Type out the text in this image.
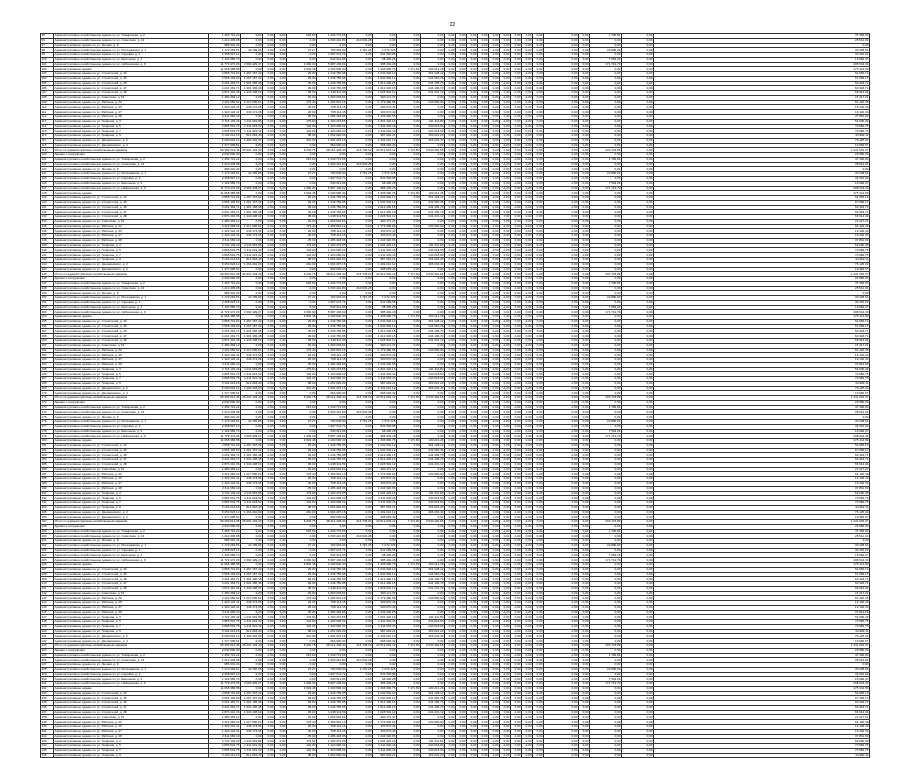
22
95	Административно-хозяйственное здание по ул. Тимирязева, д. 2	1 452 713,22	0,00	0,00	0,00	215,60	1 240 773,65	0,00	0,00	0,00	0,00	0,00	0,00	0,00	0,00	0,00	0,00	0,00	0,00	0,00	0,00	0,00	1 700,84	0,00	47 300,00
96	Административно-хозяйственное здание по ул. Советская, д. 14	1 210 445,08	0,00	0,00	0,00	0,00	1 000 412,80	210 032,28	0,00	0,00	0,00	0,00	0,00	0,00	0,00	0,00	0,00	0,00	0,00	0,00	0,00	0,00	0,00	0,00	28 512,04
97	Административное здание по ул. Лесная, д. 9	986 301,44	0,00	0,00	0,00	0,00	0,00	0,00	0,00	0,00	0,00	0,00	0,00	0,00	0,00	0,00	0,00	0,00	0,00	0,00	0,00	0,00	0,00	0,00	0,00
98	Административно-хозяйственное здание по ул. Молодёжная, д. 1	1 170 293,51	42 700,06	0,00	0,00	27,27	700 000,00	4 716,35	1 072 125	0,00	0,00	0,00	0,00	0,00	0,00	0,00	0,00	0,00	0,00	0,00	0,00	0,00	22 800,00	0,00	30 228,64
99	Административно-хозяйственное здание по ул. Садовая, д. 3	2 468 927,14	0,00	0,00	0,00	0,00	1 907 011,72	0,00	641 600,68	0,00	0,00	0,00	0,00	0,00	0,00	0,00	0,00	0,00	0,00	0,00	0,00	0,00	0,00	0,00	33 401,02
100	Административно-хозяйственное здание по ул. Школьная, д. 4	1 102 556,73	0,00	0,00	0,00	0,00	640 312,05	0,00	98 400,28	0,00	0,00	0,00	0,00	0,00	0,00	0,00	0,00	0,00	0,00	0,00	0,00	0,00	7 503,26	0,00	19 082,47
101	Административно-хозяйственное здание по ул. Набережная, д. 6	11 779 473,06	3 694 329,37	0,00	0,00	1 000,00	5 987 103,92	0,00	385 402,18	0,00	0,00	0,00	0,00	0,00	0,00	0,00	0,00	0,00	0,00	0,00	0,00	0,00	171 719,79	0,00	208 644,33
102	Административное здание	11 068 386,58	0,00	0,00	0,00	3 943,48	4 100 600,40	0,00	1 306 090,75	7 171,80	100 214,28	0,00	0,00	0,00	0,00	0,00	0,00	0,00	0,00	0,00	0,00	0,00	0,00	0,00	175 441,59
103	Административное здание по ул. Строителей, д. 44	4 868 713,03	1 297 157,42	0,00	0,00	29,00	1 449 750,95	0,00	1 040 332,12	0,00	261 128,12	0,00	0,00	0,00	0,00	0,00	0,00	0,00	0,00	0,00	0,00	0,00	0,00	0,00	64 050,13
104	Административное здание по ул. Строителей, д. 45	4 566 103,60	1 297 157,42	0,00	0,00	39,00	1 449 750,95	0,00	1 040 332,12	0,00	242 060,36	0,00	0,00	0,00	0,00	0,00	0,00	0,00	0,00	0,00	0,00	0,00	0,00	0,00	67 096,17
105	Административное здание по ул. Строителей, д. 46	4 201 464,71	1 301 156,48	0,00	0,00	39,00	1 449 750,95	0,00	1 012 400,15	0,00	244 196,70	0,00	0,00	0,00	0,00	0,00	0,00	0,00	0,00	0,00	0,00	0,00	0,00	0,00	60 318,71
106	Административное здание по ул. Строителей, д. 47	4 201 464,71	1 301 156,48	0,00	0,00	39,00	1 449 750,95	0,00	1 012 400,15	0,00	244 196,70	0,00	0,00	0,00	0,00	0,00	0,00	0,00	0,00	0,00	0,00	0,00	0,00	0,00	60 318,71
107	Административное здание по ул. Строителей, д. 48	4 874 416,36	1 340 138,03	0,00	0,00	38,00	1 448 311,59	0,00	1 026 542,12	0,00	241 231,13	0,00	0,00	0,00	0,00	0,00	0,00	0,00	0,00	0,00	0,00	0,00	0,00	0,00	66 914,44
108	Административное здание по ул. Советская, д. 51	1 480 493,12	0,00	0,00	0,00	20,00	1 069 004,54	0,00	390 171,37	0,00	0,00	0,00	0,00	0,00	0,00	0,00	0,00	0,00	0,00	0,00	0,00	0,00	0,00	0,00	21 317,21
109	Административное здание по ул. Рабочая, д. 22	4 421 069,62	1 217 000,61	0,00	0,00	179,40	1 499 510,13	0,00	1 179 396,96	0,00	240 060,90	0,00	0,00	0,00	0,00	0,00	0,00	0,00	0,00	0,00	0,00	0,00	0,00	0,00	64 120,46
110	Административное здание по ул. Рабочая, д. 25	1 320 124,41	249 174,06	0,00	0,00	26,00	708 114,15	0,00	330 670,43	0,00	0,00	0,00	0,00	0,00	0,00	0,00	0,00	0,00	0,00	0,00	0,00	0,00	0,00	0,00	19 140,43
111	Административное здание по ул. Рабочая, д. 27	1 320 124,41	249 174,06	0,00	0,00	26,00	708 114,15	0,00	330 670,43	0,00	0,00	0,00	0,00	0,00	0,00	0,00	0,00	0,00	0,00	0,00	0,00	0,00	0,00	0,00	19 140,43
112	Административное здание по ул. Рабочая, д. 28	2 611 082,10	0,00	0,00	0,00	35,00	1 286 418,96	0,00	1 249 320,65	0,00	0,00	0,00	0,00	0,00	0,00	0,00	0,00	0,00	0,00	0,00	0,00	0,00	0,00	0,00	37 861,69
113	Административное здание по ул. Гагарина, д. 3	3 724 103,43	1 011 092,86	0,00	0,00	179,60	1 100 474,55	0,00	1 001 422,16	0,00	211 311,80	0,00	0,00	0,00	0,00	0,00	0,00	0,00	0,00	0,00	0,00	0,00	0,00	0,00	54 000,49
114	Административное здание по ул. Гагарина, д. 5	4 895 501,75	1 311 022,32	0,00	0,00	142,00	1 420 000,02	0,00	1 311 940,16	0,00	240 018,60	0,00	0,00	0,00	0,00	0,00	0,00	0,00	0,00	0,00	0,00	0,00	0,00	0,00	70 982,75
115	Административное здание по ул. Гагарина, д. 7	4 895 501,75	1 311 022,32	0,00	0,00	142,00	1 420 000,02	0,00	1 311 940,16	0,00	240 018,60	0,00	0,00	0,00	0,00	0,00	0,00	0,00	0,00	0,00	0,00	0,00	0,00	0,00	70 982,75
116	Административное здание по ул. Гагарина, д. 9	3 102 214,15	812 066,40	0,00	0,00	98,00	1 052 020,03	0,00	987 004,21	0,00	153 024,20	0,00	0,00	0,00	0,00	0,00	0,00	0,00	0,00	0,00	0,00	0,00	0,00	0,00	44 982,11
117	Административное здание по ул. Дзержинского, д. 2	5 250 022,12	1 404 404,00	0,00	0,00	201,00	1 904 297,16	0,00	1 402 212,12	0,00	306 204,40	0,00	0,00	0,00	0,00	0,00	0,00	0,00	0,00	0,00	0,00	0,00	0,00	0,00	76 125,32
118	Административное здание по ул. Дзержинского, д. 4	1 377 005,51	0,00	0,00	0,00	0,00	660 000,00	0,00	695 000,40	0,00	0,00	0,00	0,00	0,00	0,00	0,00	0,00	0,00	0,00	0,00	0,00	0,00	0,00	0,00	19 966,57
119	Итого по административно-хозяйственным зданиям	99 453 612,35	26 001 102,40	0,00	0,00	6 204,75	38 214 405,40	214 748,63	22 512 004,12	7 171,80	3 540 402,68	0,00	0,00	0,00	0,00	0,00	0,00	0,00	0,00	0,00	0,00	0,00	203 723,89	0,00	1 441 632,37
120	Здания и сооружения	2 040 000,00	0,00	0,00	0,00	0,00	0,00	0,00	0,00	0,00	0,00	0,00	0,00	0,00	0,00	0,00	0,00	0,00	0,00	0,00	0,00	0,00	0,00	0,00	29 580,00
121	Административно-хозяйственное здание по ул. Тимирязева, д. 2	1 452 713,22	0,00	0,00	0,00	215,60	1 240 773,65	0,00	0,00	0,00	0,00	0,00	0,00	0,00	0,00	0,00	0,00	0,00	0,00	0,00	0,00	0,00	1 700,84	0,00	47 300,00
122	Административно-хозяйственное здание по ул. Советская, д. 14	1 210 445,08	0,00	0,00	0,00	0,00	1 000 412,80	210 032,28	0,00	0,00	0,00	0,00	0,00	0,00	0,00	0,00	0,00	0,00	0,00	0,00	0,00	0,00	0,00	0,00	28 512,04
123	Административное здание по ул. Лесная, д. 9	986 301,44	0,00	0,00	0,00	0,00	0,00	0,00	0,00	0,00	0,00	0,00	0,00	0,00	0,00	0,00	0,00	0,00	0,00	0,00	0,00	0,00	0,00	0,00	0,00
124	Административно-хозяйственное здание по ул. Молодёжная, д. 1	1 170 293,51	42 700,06	0,00	0,00	27,27	700 000,00	4 716,35	1 072 125	0,00	0,00	0,00	0,00	0,00	0,00	0,00	0,00	0,00	0,00	0,00	0,00	0,00	22 800,00	0,00	30 228,64
125	Административно-хозяйственное здание по ул. Садовая, д. 3	2 468 927,14	0,00	0,00	0,00	0,00	1 907 011,72	0,00	641 600,68	0,00	0,00	0,00	0,00	0,00	0,00	0,00	0,00	0,00	0,00	0,00	0,00	0,00	0,00	0,00	33 401,02
126	Административно-хозяйственное здание по ул. Школьная, д. 4	1 102 556,73	0,00	0,00	0,00	0,00	640 312,05	0,00	98 400,28	0,00	0,00	0,00	0,00	0,00	0,00	0,00	0,00	0,00	0,00	0,00	0,00	0,00	7 503,26	0,00	19 082,47
127	Административно-хозяйственное здание по ул. Набережная, д. 6	11 779 473,06	3 694 329,37	0,00	0,00	1 000,00	5 987 103,92	0,00	385 402,18	0,00	0,00	0,00	0,00	0,00	0,00	0,00	0,00	0,00	0,00	0,00	0,00	0,00	171 719,79	0,00	208 644,33
128	Административное здание	11 068 386,58	0,00	0,00	0,00	3 943,48	4 100 600,40	0,00	1 306 090,75	7 171,80	100 214,28	0,00	0,00	0,00	0,00	0,00	0,00	0,00	0,00	0,00	0,00	0,00	0,00	0,00	175 441,59
129	Административное здание по ул. Строителей, д. 44	4 868 713,03	1 297 157,42	0,00	0,00	29,00	1 449 750,95	0,00	1 040 332,12	0,00	261 128,12	0,00	0,00	0,00	0,00	0,00	0,00	0,00	0,00	0,00	0,00	0,00	0,00	0,00	64 050,13
130	Административное здание по ул. Строителей, д. 45	4 566 103,60	1 297 157,42	0,00	0,00	39,00	1 449 750,95	0,00	1 040 332,12	0,00	242 060,36	0,00	0,00	0,00	0,00	0,00	0,00	0,00	0,00	0,00	0,00	0,00	0,00	0,00	67 096,17
131	Административное здание по ул. Строителей, д. 46	4 201 464,71	1 301 156,48	0,00	0,00	39,00	1 449 750,95	0,00	1 012 400,15	0,00	244 196,70	0,00	0,00	0,00	0,00	0,00	0,00	0,00	0,00	0,00	0,00	0,00	0,00	0,00	60 318,71
132	Административное здание по ул. Строителей, д. 47	4 201 464,71	1 301 156,48	0,00	0,00	39,00	1 449 750,95	0,00	1 012 400,15	0,00	244 196,70	0,00	0,00	0,00	0,00	0,00	0,00	0,00	0,00	0,00	0,00	0,00	0,00	0,00	60 318,71
133	Административное здание по ул. Строителей, д. 48	4 874 416,36	1 340 138,03	0,00	0,00	38,00	1 448 311,59	0,00	1 026 542,12	0,00	241 231,13	0,00	0,00	0,00	0,00	0,00	0,00	0,00	0,00	0,00	0,00	0,00	0,00	0,00	66 914,44
134	Административное здание по ул. Советская, д. 51	1 480 493,12	0,00	0,00	0,00	20,00	1 069 004,54	0,00	390 171,37	0,00	0,00	0,00	0,00	0,00	0,00	0,00	0,00	0,00	0,00	0,00	0,00	0,00	0,00	0,00	21 317,21
135	Административное здание по ул. Рабочая, д. 22	4 421 069,62	1 217 000,61	0,00	0,00	179,40	1 499 510,13	0,00	1 179 396,96	0,00	240 060,90	0,00	0,00	0,00	0,00	0,00	0,00	0,00	0,00	0,00	0,00	0,00	0,00	0,00	64 120,46
136	Административное здание по ул. Рабочая, д. 25	1 320 124,41	249 174,06	0,00	0,00	26,00	708 114,15	0,00	330 670,43	0,00	0,00	0,00	0,00	0,00	0,00	0,00	0,00	0,00	0,00	0,00	0,00	0,00	0,00	0,00	19 140,43
137	Административное здание по ул. Рабочая, д. 27	1 320 124,41	249 174,06	0,00	0,00	26,00	708 114,15	0,00	330 670,43	0,00	0,00	0,00	0,00	0,00	0,00	0,00	0,00	0,00	0,00	0,00	0,00	0,00	0,00	0,00	19 140,43
138	Административное здание по ул. Рабочая, д. 28	2 611 082,10	0,00	0,00	0,00	35,00	1 286 418,96	0,00	1 249 320,65	0,00	0,00	0,00	0,00	0,00	0,00	0,00	0,00	0,00	0,00	0,00	0,00	0,00	0,00	0,00	37 861,69
139	Административное здание по ул. Гагарина, д. 3	3 724 103,43	1 011 092,86	0,00	0,00	179,60	1 100 474,55	0,00	1 001 422,16	0,00	211 311,80	0,00	0,00	0,00	0,00	0,00	0,00	0,00	0,00	0,00	0,00	0,00	0,00	0,00	54 000,49
140	Административное здание по ул. Гагарина, д. 5	4 895 501,75	1 311 022,32	0,00	0,00	142,00	1 420 000,02	0,00	1 311 940,16	0,00	240 018,60	0,00	0,00	0,00	0,00	0,00	0,00	0,00	0,00	0,00	0,00	0,00	0,00	0,00	70 982,75
141	Административное здание по ул. Гагарина, д. 7	4 895 501,75	1 311 022,32	0,00	0,00	142,00	1 420 000,02	0,00	1 311 940,16	0,00	240 018,60	0,00	0,00	0,00	0,00	0,00	0,00	0,00	0,00	0,00	0,00	0,00	0,00	0,00	70 982,75
142	Административное здание по ул. Гагарина, д. 9	3 102 214,15	812 066,40	0,00	0,00	98,00	1 052 020,03	0,00	987 004,21	0,00	153 024,20	0,00	0,00	0,00	0,00	0,00	0,00	0,00	0,00	0,00	0,00	0,00	0,00	0,00	44 982,11
143	Административное здание по ул. Дзержинского, д. 2	5 250 022,12	1 404 404,00	0,00	0,00	201,00	1 904 297,16	0,00	1 402 212,12	0,00	306 204,40	0,00	0,00	0,00	0,00	0,00	0,00	0,00	0,00	0,00	0,00	0,00	0,00	0,00	76 125,32
144	Административное здание по ул. Дзержинского, д. 4	1 377 005,51	0,00	0,00	0,00	0,00	660 000,00	0,00	695 000,40	0,00	0,00	0,00	0,00	0,00	0,00	0,00	0,00	0,00	0,00	0,00	0,00	0,00	0,00	0,00	19 966,57
145	Итого по административно-хозяйственным зданиям	99 453 612,35	26 001 102,40	0,00	0,00	6 204,75	38 214 405,40	214 748,63	22 512 004,12	7 171,80	3 540 402,68	0,00	0,00	0,00	0,00	0,00	0,00	0,00	0,00	0,00	0,00	0,00	203 723,89	0,00	1 441 632,37
146	Здания и сооружения	2 040 000,00	0,00	0,00	0,00	0,00	0,00	0,00	0,00	0,00	0,00	0,00	0,00	0,00	0,00	0,00	0,00	0,00	0,00	0,00	0,00	0,00	0,00	0,00	29 580,00
147	Административно-хозяйственное здание по ул. Тимирязева, д. 2	1 452 713,22	0,00	0,00	0,00	215,60	1 240 773,65	0,00	0,00	0,00	0,00	0,00	0,00	0,00	0,00	0,00	0,00	0,00	0,00	0,00	0,00	0,00	1 700,84	0,00	47 300,00
148	Административно-хозяйственное здание по ул. Советская, д. 14	1 210 445,08	0,00	0,00	0,00	0,00	1 000 412,80	210 032,28	0,00	0,00	0,00	0,00	0,00	0,00	0,00	0,00	0,00	0,00	0,00	0,00	0,00	0,00	0,00	0,00	28 512,04
149	Административное здание по ул. Лесная, д. 9	986 301,44	0,00	0,00	0,00	0,00	0,00	0,00	0,00	0,00	0,00	0,00	0,00	0,00	0,00	0,00	0,00	0,00	0,00	0,00	0,00	0,00	0,00	0,00	0,00
150	Административно-хозяйственное здание по ул. Молодёжная, д. 1	1 170 293,51	42 700,06	0,00	0,00	27,27	700 000,00	4 716,35	1 072 125	0,00	0,00	0,00	0,00	0,00	0,00	0,00	0,00	0,00	0,00	0,00	0,00	0,00	22 800,00	0,00	30 228,64
151	Административно-хозяйственное здание по ул. Садовая, д. 3	2 468 927,14	0,00	0,00	0,00	0,00	1 907 011,72	0,00	641 600,68	0,00	0,00	0,00	0,00	0,00	0,00	0,00	0,00	0,00	0,00	0,00	0,00	0,00	0,00	0,00	33 401,02
152	Административно-хозяйственное здание по ул. Школьная, д. 4	1 102 556,73	0,00	0,00	0,00	0,00	640 312,05	0,00	98 400,28	0,00	0,00	0,00	0,00	0,00	0,00	0,00	0,00	0,00	0,00	0,00	0,00	0,00	7 503,26	0,00	19 082,47
153	Административно-хозяйственное здание по ул. Набережная, д. 6	11 779 473,06	3 694 329,37	0,00	0,00	1 000,00	5 987 103,92	0,00	385 402,18	0,00	0,00	0,00	0,00	0,00	0,00	0,00	0,00	0,00	0,00	0,00	0,00	0,00	171 719,79	0,00	208 644,33
154	Административное здание	11 068 386,58	0,00	0,00	0,00	3 943,48	4 100 600,40	0,00	1 306 090,75	7 171,80	100 214,28	0,00	0,00	0,00	0,00	0,00	0,00	0,00	0,00	0,00	0,00	0,00	0,00	0,00	175 441,59
155	Административное здание по ул. Строителей, д. 44	4 868 713,03	1 297 157,42	0,00	0,00	29,00	1 449 750,95	0,00	1 040 332,12	0,00	261 128,12	0,00	0,00	0,00	0,00	0,00	0,00	0,00	0,00	0,00	0,00	0,00	0,00	0,00	64 050,13
156	Административное здание по ул. Строителей, д. 45	4 566 103,60	1 297 157,42	0,00	0,00	39,00	1 449 750,95	0,00	1 040 332,12	0,00	242 060,36	0,00	0,00	0,00	0,00	0,00	0,00	0,00	0,00	0,00	0,00	0,00	0,00	0,00	67 096,17
157	Административное здание по ул. Строителей, д. 46	4 201 464,71	1 301 156,48	0,00	0,00	39,00	1 449 750,95	0,00	1 012 400,15	0,00	244 196,70	0,00	0,00	0,00	0,00	0,00	0,00	0,00	0,00	0,00	0,00	0,00	0,00	0,00	60 318,71
158	Административное здание по ул. Строителей, д. 47	4 201 464,71	1 301 156,48	0,00	0,00	39,00	1 449 750,95	0,00	1 012 400,15	0,00	244 196,70	0,00	0,00	0,00	0,00	0,00	0,00	0,00	0,00	0,00	0,00	0,00	0,00	0,00	60 318,71
159	Административное здание по ул. Строителей, д. 48	4 874 416,36	1 340 138,03	0,00	0,00	38,00	1 448 311,59	0,00	1 026 542,12	0,00	241 231,13	0,00	0,00	0,00	0,00	0,00	0,00	0,00	0,00	0,00	0,00	0,00	0,00	0,00	66 914,44
160	Административное здание по ул. Советская, д. 51	1 480 493,12	0,00	0,00	0,00	20,00	1 069 004,54	0,00	390 171,37	0,00	0,00	0,00	0,00	0,00	0,00	0,00	0,00	0,00	0,00	0,00	0,00	0,00	0,00	0,00	21 317,21
161	Административное здание по ул. Рабочая, д. 22	4 421 069,62	1 217 000,61	0,00	0,00	179,40	1 499 510,13	0,00	1 179 396,96	0,00	240 060,90	0,00	0,00	0,00	0,00	0,00	0,00	0,00	0,00	0,00	0,00	0,00	0,00	0,00	64 120,46
162	Административное здание по ул. Рабочая, д. 25	1 320 124,41	249 174,06	0,00	0,00	26,00	708 114,15	0,00	330 670,43	0,00	0,00	0,00	0,00	0,00	0,00	0,00	0,00	0,00	0,00	0,00	0,00	0,00	0,00	0,00	19 140,43
163	Административное здание по ул. Рабочая, д. 27	1 320 124,41	249 174,06	0,00	0,00	26,00	708 114,15	0,00	330 670,43	0,00	0,00	0,00	0,00	0,00	0,00	0,00	0,00	0,00	0,00	0,00	0,00	0,00	0,00	0,00	19 140,43
164	Административное здание по ул. Рабочая, д. 28	2 611 082,10	0,00	0,00	0,00	35,00	1 286 418,96	0,00	1 249 320,65	0,00	0,00	0,00	0,00	0,00	0,00	0,00	0,00	0,00	0,00	0,00	0,00	0,00	0,00	0,00	37 861,69
165	Административное здание по ул. Гагарина, д. 3	3 724 103,43	1 011 092,86	0,00	0,00	179,60	1 100 474,55	0,00	1 001 422,16	0,00	211 311,80	0,00	0,00	0,00	0,00	0,00	0,00	0,00	0,00	0,00	0,00	0,00	0,00	0,00	54 000,49
166	Административное здание по ул. Гагарина, д. 5	4 895 501,75	1 311 022,32	0,00	0,00	142,00	1 420 000,02	0,00	1 311 940,16	0,00	240 018,60	0,00	0,00	0,00	0,00	0,00	0,00	0,00	0,00	0,00	0,00	0,00	0,00	0,00	70 982,75
167	Административное здание по ул. Гагарина, д. 7	4 895 501,75	1 311 022,32	0,00	0,00	142,00	1 420 000,02	0,00	1 311 940,16	0,00	240 018,60	0,00	0,00	0,00	0,00	0,00	0,00	0,00	0,00	0,00	0,00	0,00	0,00	0,00	70 982,75
168	Административное здание по ул. Гагарина, д. 9	3 102 214,15	812 066,40	0,00	0,00	98,00	1 052 020,03	0,00	987 004,21	0,00	153 024,20	0,00	0,00	0,00	0,00	0,00	0,00	0,00	0,00	0,00	0,00	0,00	0,00	0,00	44 982,11
169	Административное здание по ул. Дзержинского, д. 2	5 250 022,12	1 404 404,00	0,00	0,00	201,00	1 904 297,16	0,00	1 402 212,12	0,00	306 204,40	0,00	0,00	0,00	0,00	0,00	0,00	0,00	0,00	0,00	0,00	0,00	0,00	0,00	76 125,32
170	Административное здание по ул. Дзержинского, д. 4	1 377 005,51	0,00	0,00	0,00	0,00	660 000,00	0,00	695 000,40	0,00	0,00	0,00	0,00	0,00	0,00	0,00	0,00	0,00	0,00	0,00	0,00	0,00	0,00	0,00	19 966,57
171	Итого по административно-хозяйственным зданиям	99 453 612,35	26 001 102,40	0,00	0,00	6 204,75	38 214 405,40	214 748,63	22 512 004,12	7 171,80	3 540 402,68	0,00	0,00	0,00	0,00	0,00	0,00	0,00	0,00	0,00	0,00	0,00	203 723,89	0,00	1 441 632,37
172	Здания и сооружения	2 040 000,00	0,00	0,00	0,00	0,00	0,00	0,00	0,00	0,00	0,00	0,00	0,00	0,00	0,00	0,00	0,00	0,00	0,00	0,00	0,00	0,00	0,00	0,00	29 580,00
173	Административно-хозяйственное здание по ул. Тимирязева, д. 2	1 452 713,22	0,00	0,00	0,00	215,60	1 240 773,65	0,00	0,00	0,00	0,00	0,00	0,00	0,00	0,00	0,00	0,00	0,00	0,00	0,00	0,00	0,00	1 700,84	0,00	47 300,00
174	Административно-хозяйственное здание по ул. Советская, д. 14	1 210 445,08	0,00	0,00	0,00	0,00	1 000 412,80	210 032,28	0,00	0,00	0,00	0,00	0,00	0,00	0,00	0,00	0,00	0,00	0,00	0,00	0,00	0,00	0,00	0,00	28 512,04
175	Административное здание по ул. Лесная, д. 9	986 301,44	0,00	0,00	0,00	0,00	0,00	0,00	0,00	0,00	0,00	0,00	0,00	0,00	0,00	0,00	0,00	0,00	0,00	0,00	0,00	0,00	0,00	0,00	0,00
176	Административно-хозяйственное здание по ул. Молодёжная, д. 1	1 170 293,51	42 700,06	0,00	0,00	27,27	700 000,00	4 716,35	1 072 125	0,00	0,00	0,00	0,00	0,00	0,00	0,00	0,00	0,00	0,00	0,00	0,00	0,00	22 800,00	0,00	30 228,64
177	Административно-хозяйственное здание по ул. Садовая, д. 3	2 468 927,14	0,00	0,00	0,00	0,00	1 907 011,72	0,00	641 600,68	0,00	0,00	0,00	0,00	0,00	0,00	0,00	0,00	0,00	0,00	0,00	0,00	0,00	0,00	0,00	33 401,02
178	Административно-хозяйственное здание по ул. Школьная, д. 4	1 102 556,73	0,00	0,00	0,00	0,00	640 312,05	0,00	98 400,28	0,00	0,00	0,00	0,00	0,00	0,00	0,00	0,00	0,00	0,00	0,00	0,00	0,00	7 503,26	0,00	19 082,47
179	Административно-хозяйственное здание по ул. Набережная, д. 6	11 779 473,06	3 694 329,37	0,00	0,00	1 000,00	5 987 103,92	0,00	385 402,18	0,00	0,00	0,00	0,00	0,00	0,00	0,00	0,00	0,00	0,00	0,00	0,00	0,00	171 719,79	0,00	208 644,33
180	Административное здание	11 068 386,58	0,00	0,00	0,00	3 943,48	4 100 600,40	0,00	1 306 090,75	7 171,80	100 214,28	0,00	0,00	0,00	0,00	0,00	0,00	0,00	0,00	0,00	0,00	0,00	0,00	0,00	175 441,59
181	Административное здание по ул. Строителей, д. 44	4 868 713,03	1 297 157,42	0,00	0,00	29,00	1 449 750,95	0,00	1 040 332,12	0,00	261 128,12	0,00	0,00	0,00	0,00	0,00	0,00	0,00	0,00	0,00	0,00	0,00	0,00	0,00	64 050,13
182	Административное здание по ул. Строителей, д. 45	4 566 103,60	1 297 157,42	0,00	0,00	39,00	1 449 750,95	0,00	1 040 332,12	0,00	242 060,36	0,00	0,00	0,00	0,00	0,00	0,00	0,00	0,00	0,00	0,00	0,00	0,00	0,00	67 096,17
183	Административное здание по ул. Строителей, д. 46	4 201 464,71	1 301 156,48	0,00	0,00	39,00	1 449 750,95	0,00	1 012 400,15	0,00	244 196,70	0,00	0,00	0,00	0,00	0,00	0,00	0,00	0,00	0,00	0,00	0,00	0,00	0,00	60 318,71
184	Административное здание по ул. Строителей, д. 47	4 201 464,71	1 301 156,48	0,00	0,00	39,00	1 449 750,95	0,00	1 012 400,15	0,00	244 196,70	0,00	0,00	0,00	0,00	0,00	0,00	0,00	0,00	0,00	0,00	0,00	0,00	0,00	60 318,71
185	Административное здание по ул. Строителей, д. 48	4 874 416,36	1 340 138,03	0,00	0,00	38,00	1 448 311,59	0,00	1 026 542,12	0,00	241 231,13	0,00	0,00	0,00	0,00	0,00	0,00	0,00	0,00	0,00	0,00	0,00	0,00	0,00	66 914,44
186	Административное здание по ул. Советская, д. 51	1 480 493,12	0,00	0,00	0,00	20,00	1 069 004,54	0,00	390 171,37	0,00	0,00	0,00	0,00	0,00	0,00	0,00	0,00	0,00	0,00	0,00	0,00	0,00	0,00	0,00	21 317,21
187	Административное здание по ул. Рабочая, д. 22	4 421 069,62	1 217 000,61	0,00	0,00	179,40	1 499 510,13	0,00	1 179 396,96	0,00	240 060,90	0,00	0,00	0,00	0,00	0,00	0,00	0,00	0,00	0,00	0,00	0,00	0,00	0,00	64 120,46
188	Административное здание по ул. Рабочая, д. 25	1 320 124,41	249 174,06	0,00	0,00	26,00	708 114,15	0,00	330 670,43	0,00	0,00	0,00	0,00	0,00	0,00	0,00	0,00	0,00	0,00	0,00	0,00	0,00	0,00	0,00	19 140,43
189	Административное здание по ул. Рабочая, д. 27	1 320 124,41	249 174,06	0,00	0,00	26,00	708 114,15	0,00	330 670,43	0,00	0,00	0,00	0,00	0,00	0,00	0,00	0,00	0,00	0,00	0,00	0,00	0,00	0,00	0,00	19 140,43
190	Административное здание по ул. Рабочая, д. 28	2 611 082,10	0,00	0,00	0,00	35,00	1 286 418,96	0,00	1 249 320,65	0,00	0,00	0,00	0,00	0,00	0,00	0,00	0,00	0,00	0,00	0,00	0,00	0,00	0,00	0,00	37 861,69
191	Административное здание по ул. Гагарина, д. 3	3 724 103,43	1 011 092,86	0,00	0,00	179,60	1 100 474,55	0,00	1 001 422,16	0,00	211 311,80	0,00	0,00	0,00	0,00	0,00	0,00	0,00	0,00	0,00	0,00	0,00	0,00	0,00	54 000,49
192	Административное здание по ул. Гагарина, д. 5	4 895 501,75	1 311 022,32	0,00	0,00	142,00	1 420 000,02	0,00	1 311 940,16	0,00	240 018,60	0,00	0,00	0,00	0,00	0,00	0,00	0,00	0,00	0,00	0,00	0,00	0,00	0,00	70 982,75
193	Административное здание по ул. Гагарина, д. 7	4 895 501,75	1 311 022,32	0,00	0,00	142,00	1 420 000,02	0,00	1 311 940,16	0,00	240 018,60	0,00	0,00	0,00	0,00	0,00	0,00	0,00	0,00	0,00	0,00	0,00	0,00	0,00	70 982,75
194	Административное здание по ул. Гагарина, д. 9	3 102 214,15	812 066,40	0,00	0,00	98,00	1 052 020,03	0,00	987 004,21	0,00	153 024,20	0,00	0,00	0,00	0,00	0,00	0,00	0,00	0,00	0,00	0,00	0,00	0,00	0,00	44 982,11
195	Административное здание по ул. Дзержинского, д. 2	5 250 022,12	1 404 404,00	0,00	0,00	201,00	1 904 297,16	0,00	1 402 212,12	0,00	306 204,40	0,00	0,00	0,00	0,00	0,00	0,00	0,00	0,00	0,00	0,00	0,00	0,00	0,00	76 125,32
196	Административное здание по ул. Дзержинского, д. 4	1 377 005,51	0,00	0,00	0,00	0,00	660 000,00	0,00	695 000,40	0,00	0,00	0,00	0,00	0,00	0,00	0,00	0,00	0,00	0,00	0,00	0,00	0,00	0,00	0,00	19 966,57
197	Итого по административно-хозяйственным зданиям	99 453 612,35	26 001 102,40	0,00	0,00	6 204,75	38 214 405,40	214 748,63	22 512 004,12	7 171,80	3 540 402,68	0,00	0,00	0,00	0,00	0,00	0,00	0,00	0,00	0,00	0,00	0,00	203 723,89	0,00	1 441 632,37
198	Здания и сооружения	2 040 000,00	0,00	0,00	0,00	0,00	0,00	0,00	0,00	0,00	0,00	0,00	0,00	0,00	0,00	0,00	0,00	0,00	0,00	0,00	0,00	0,00	0,00	0,00	29 580,00
199	Административно-хозяйственное здание по ул. Тимирязева, д. 2	1 452 713,22	0,00	0,00	0,00	215,60	1 240 773,65	0,00	0,00	0,00	0,00	0,00	0,00	0,00	0,00	0,00	0,00	0,00	0,00	0,00	0,00	0,00	1 700,84	0,00	47 300,00
200	Административно-хозяйственное здание по ул. Советская, д. 14	1 210 445,08	0,00	0,00	0,00	0,00	1 000 412,80	210 032,28	0,00	0,00	0,00	0,00	0,00	0,00	0,00	0,00	0,00	0,00	0,00	0,00	0,00	0,00	0,00	0,00	28 512,04
201	Административное здание по ул. Лесная, д. 9	986 301,44	0,00	0,00	0,00	0,00	0,00	0,00	0,00	0,00	0,00	0,00	0,00	0,00	0,00	0,00	0,00	0,00	0,00	0,00	0,00	0,00	0,00	0,00	0,00
202	Административно-хозяйственное здание по ул. Молодёжная, д. 1	1 170 293,51	42 700,06	0,00	0,00	27,27	700 000,00	4 716,35	1 072 125	0,00	0,00	0,00	0,00	0,00	0,00	0,00	0,00	0,00	0,00	0,00	0,00	0,00	22 800,00	0,00	30 228,64
203	Административно-хозяйственное здание по ул. Садовая, д. 3	2 468 927,14	0,00	0,00	0,00	0,00	1 907 011,72	0,00	641 600,68	0,00	0,00	0,00	0,00	0,00	0,00	0,00	0,00	0,00	0,00	0,00	0,00	0,00	0,00	0,00	33 401,02
204	Административно-хозяйственное здание по ул. Школьная, д. 4	1 102 556,73	0,00	0,00	0,00	0,00	640 312,05	0,00	98 400,28	0,00	0,00	0,00	0,00	0,00	0,00	0,00	0,00	0,00	0,00	0,00	0,00	0,00	7 503,26	0,00	19 082,47
205	Административно-хозяйственное здание по ул. Набережная, д. 6	11 779 473,06	3 694 329,37	0,00	0,00	1 000,00	5 987 103,92	0,00	385 402,18	0,00	0,00	0,00	0,00	0,00	0,00	0,00	0,00	0,00	0,00	0,00	0,00	0,00	171 719,79	0,00	208 644,33
206	Административное здание	11 068 386,58	0,00	0,00	0,00	3 943,48	4 100 600,40	0,00	1 306 090,75	7 171,80	100 214,28	0,00	0,00	0,00	0,00	0,00	0,00	0,00	0,00	0,00	0,00	0,00	0,00	0,00	175 441,59
207	Административное здание по ул. Строителей, д. 44	4 868 713,03	1 297 157,42	0,00	0,00	29,00	1 449 750,95	0,00	1 040 332,12	0,00	261 128,12	0,00	0,00	0,00	0,00	0,00	0,00	0,00	0,00	0,00	0,00	0,00	0,00	0,00	64 050,13
208	Административное здание по ул. Строителей, д. 45	4 566 103,60	1 297 157,42	0,00	0,00	39,00	1 449 750,95	0,00	1 040 332,12	0,00	242 060,36	0,00	0,00	0,00	0,00	0,00	0,00	0,00	0,00	0,00	0,00	0,00	0,00	0,00	67 096,17
209	Административное здание по ул. Строителей, д. 46	4 201 464,71	1 301 156,48	0,00	0,00	39,00	1 449 750,95	0,00	1 012 400,15	0,00	244 196,70	0,00	0,00	0,00	0,00	0,00	0,00	0,00	0,00	0,00	0,00	0,00	0,00	0,00	60 318,71
210	Административное здание по ул. Строителей, д. 47	4 201 464,71	1 301 156,48	0,00	0,00	39,00	1 449 750,95	0,00	1 012 400,15	0,00	244 196,70	0,00	0,00	0,00	0,00	0,00	0,00	0,00	0,00	0,00	0,00	0,00	0,00	0,00	60 318,71
211	Административное здание по ул. Строителей, д. 48	4 874 416,36	1 340 138,03	0,00	0,00	38,00	1 448 311,59	0,00	1 026 542,12	0,00	241 231,13	0,00	0,00	0,00	0,00	0,00	0,00	0,00	0,00	0,00	0,00	0,00	0,00	0,00	66 914,44
212	Административное здание по ул. Советская, д. 51	1 480 493,12	0,00	0,00	0,00	20,00	1 069 004,54	0,00	390 171,37	0,00	0,00	0,00	0,00	0,00	0,00	0,00	0,00	0,00	0,00	0,00	0,00	0,00	0,00	0,00	21 317,21
213	Административное здание по ул. Рабочая, д. 22	4 421 069,62	1 217 000,61	0,00	0,00	179,40	1 499 510,13	0,00	1 179 396,96	0,00	240 060,90	0,00	0,00	0,00	0,00	0,00	0,00	0,00	0,00	0,00	0,00	0,00	0,00	0,00	64 120,46
214	Административное здание по ул. Рабочая, д. 25	1 320 124,41	249 174,06	0,00	0,00	26,00	708 114,15	0,00	330 670,43	0,00	0,00	0,00	0,00	0,00	0,00	0,00	0,00	0,00	0,00	0,00	0,00	0,00	0,00	0,00	19 140,43
215	Административное здание по ул. Рабочая, д. 27	1 320 124,41	249 174,06	0,00	0,00	26,00	708 114,15	0,00	330 670,43	0,00	0,00	0,00	0,00	0,00	0,00	0,00	0,00	0,00	0,00	0,00	0,00	0,00	0,00	0,00	19 140,43
216	Административное здание по ул. Рабочая, д. 28	2 611 082,10	0,00	0,00	0,00	35,00	1 286 418,96	0,00	1 249 320,65	0,00	0,00	0,00	0,00	0,00	0,00	0,00	0,00	0,00	0,00	0,00	0,00	0,00	0,00	0,00	37 861,69
217	Административное здание по ул. Гагарина, д. 3	3 724 103,43	1 011 092,86	0,00	0,00	179,60	1 100 474,55	0,00	1 001 422,16	0,00	211 311,80	0,00	0,00	0,00	0,00	0,00	0,00	0,00	0,00	0,00	0,00	0,00	0,00	0,00	54 000,49
218	Административное здание по ул. Гагарина, д. 5	4 895 501,75	1 311 022,32	0,00	0,00	142,00	1 420 000,02	0,00	1 311 940,16	0,00	240 018,60	0,00	0,00	0,00	0,00	0,00	0,00	0,00	0,00	0,00	0,00	0,00	0,00	0,00	70 982,75
219	Административное здание по ул. Гагарина, д. 7	4 895 501,75	1 311 022,32	0,00	0,00	142,00	1 420 000,02	0,00	1 311 940,16	0,00	240 018,60	0,00	0,00	0,00	0,00	0,00	0,00	0,00	0,00	0,00	0,00	0,00	0,00	0,00	70 982,75
220	Административное здание по ул. Гагарина, д. 9	3 102 214,15	812 066,40	0,00	0,00	98,00	1 052 020,03	0,00	987 004,21	0,00	153 024,20	0,00	0,00	0,00	0,00	0,00	0,00	0,00	0,00	0,00	0,00	0,00	0,00	0,00	44 982,11
221	Административное здание по ул. Дзержинского, д. 2	5 250 022,12	1 404 404,00	0,00	0,00	201,00	1 904 297,16	0,00	1 402 212,12	0,00	306 204,40	0,00	0,00	0,00	0,00	0,00	0,00	0,00	0,00	0,00	0,00	0,00	0,00	0,00	76 125,32
222	Административное здание по ул. Дзержинского, д. 4	1 377 005,51	0,00	0,00	0,00	0,00	660 000,00	0,00	695 000,40	0,00	0,00	0,00	0,00	0,00	0,00	0,00	0,00	0,00	0,00	0,00	0,00	0,00	0,00	0,00	19 966,57
223	Итого по административно-хозяйственным зданиям	99 453 612,35	26 001 102,40	0,00	0,00	6 204,75	38 214 405,40	214 748,63	22 512 004,12	7 171,80	3 540 402,68	0,00	0,00	0,00	0,00	0,00	0,00	0,00	0,00	0,00	0,00	0,00	203 723,89	0,00	1 441 632,37
224	Здания и сооружения	2 040 000,00	0,00	0,00	0,00	0,00	0,00	0,00	0,00	0,00	0,00	0,00	0,00	0,00	0,00	0,00	0,00	0,00	0,00	0,00	0,00	0,00	0,00	0,00	29 580,00
225	Административно-хозяйственное здание по ул. Тимирязева, д. 2	1 452 713,22	0,00	0,00	0,00	215,60	1 240 773,65	0,00	0,00	0,00	0,00	0,00	0,00	0,00	0,00	0,00	0,00	0,00	0,00	0,00	0,00	0,00	1 700,84	0,00	47 300,00
226	Административно-хозяйственное здание по ул. Советская, д. 14	1 210 445,08	0,00	0,00	0,00	0,00	1 000 412,80	210 032,28	0,00	0,00	0,00	0,00	0,00	0,00	0,00	0,00	0,00	0,00	0,00	0,00	0,00	0,00	0,00	0,00	28 512,04
227	Административное здание по ул. Лесная, д. 9	986 301,44	0,00	0,00	0,00	0,00	0,00	0,00	0,00	0,00	0,00	0,00	0,00	0,00	0,00	0,00	0,00	0,00	0,00	0,00	0,00	0,00	0,00	0,00	0,00
228	Административно-хозяйственное здание по ул. Молодёжная, д. 1	1 170 293,51	42 700,06	0,00	0,00	27,27	700 000,00	4 716,35	1 072 125	0,00	0,00	0,00	0,00	0,00	0,00	0,00	0,00	0,00	0,00	0,00	0,00	0,00	22 800,00	0,00	30 228,64
229	Административно-хозяйственное здание по ул. Садовая, д. 3	2 468 927,14	0,00	0,00	0,00	0,00	1 907 011,72	0,00	641 600,68	0,00	0,00	0,00	0,00	0,00	0,00	0,00	0,00	0,00	0,00	0,00	0,00	0,00	0,00	0,00	33 401,02
230	Административно-хозяйственное здание по ул. Школьная, д. 4	1 102 556,73	0,00	0,00	0,00	0,00	640 312,05	0,00	98 400,28	0,00	0,00	0,00	0,00	0,00	0,00	0,00	0,00	0,00	0,00	0,00	0,00	0,00	7 503,26	0,00	19 082,47
231	Административно-хозяйственное здание по ул. Набережная, д. 6	11 779 473,06	3 694 329,37	0,00	0,00	1 000,00	5 987 103,92	0,00	385 402,18	0,00	0,00	0,00	0,00	0,00	0,00	0,00	0,00	0,00	0,00	0,00	0,00	0,00	171 719,79	0,00	208 644,33
232	Административное здание	11 068 386,58	0,00	0,00	0,00	3 943,48	4 100 600,40	0,00	1 306 090,75	7 171,80	100 214,28	0,00	0,00	0,00	0,00	0,00	0,00	0,00	0,00	0,00	0,00	0,00	0,00	0,00	175 441,59
233	Административное здание по ул. Строителей, д. 44	4 868 713,03	1 297 157,42	0,00	0,00	29,00	1 449 750,95	0,00	1 040 332,12	0,00	261 128,12	0,00	0,00	0,00	0,00	0,00	0,00	0,00	0,00	0,00	0,00	0,00	0,00	0,00	64 050,13
234	Административное здание по ул. Строителей, д. 45	4 566 103,60	1 297 157,42	0,00	0,00	39,00	1 449 750,95	0,00	1 040 332,12	0,00	242 060,36	0,00	0,00	0,00	0,00	0,00	0,00	0,00	0,00	0,00	0,00	0,00	0,00	0,00	67 096,17
235	Административное здание по ул. Строителей, д. 46	4 201 464,71	1 301 156,48	0,00	0,00	39,00	1 449 750,95	0,00	1 012 400,15	0,00	244 196,70	0,00	0,00	0,00	0,00	0,00	0,00	0,00	0,00	0,00	0,00	0,00	0,00	0,00	60 318,71
236	Административное здание по ул. Строителей, д. 47	4 201 464,71	1 301 156,48	0,00	0,00	39,00	1 449 750,95	0,00	1 012 400,15	0,00	244 196,70	0,00	0,00	0,00	0,00	0,00	0,00	0,00	0,00	0,00	0,00	0,00	0,00	0,00	60 318,71
237	Административное здание по ул. Строителей, д. 48	4 874 416,36	1 340 138,03	0,00	0,00	38,00	1 448 311,59	0,00	1 026 542,12	0,00	241 231,13	0,00	0,00	0,00	0,00	0,00	0,00	0,00	0,00	0,00	0,00	0,00	0,00	0,00	66 914,44
238	Административное здание по ул. Советская, д. 51	1 480 493,12	0,00	0,00	0,00	20,00	1 069 004,54	0,00	390 171,37	0,00	0,00	0,00	0,00	0,00	0,00	0,00	0,00	0,00	0,00	0,00	0,00	0,00	0,00	0,00	21 317,21
239	Административное здание по ул. Рабочая, д. 22	4 421 069,62	1 217 000,61	0,00	0,00	179,40	1 499 510,13	0,00	1 179 396,96	0,00	240 060,90	0,00	0,00	0,00	0,00	0,00	0,00	0,00	0,00	0,00	0,00	0,00	0,00	0,00	64 120,46
240	Административное здание по ул. Рабочая, д. 25	1 320 124,41	249 174,06	0,00	0,00	26,00	708 114,15	0,00	330 670,43	0,00	0,00	0,00	0,00	0,00	0,00	0,00	0,00	0,00	0,00	0,00	0,00	0,00	0,00	0,00	19 140,43
241	Административное здание по ул. Рабочая, д. 27	1 320 124,41	249 174,06	0,00	0,00	26,00	708 114,15	0,00	330 670,43	0,00	0,00	0,00	0,00	0,00	0,00	0,00	0,00	0,00	0,00	0,00	0,00	0,00	0,00	0,00	19 140,43
242	Административное здание по ул. Рабочая, д. 28	2 611 082,10	0,00	0,00	0,00	35,00	1 286 418,96	0,00	1 249 320,65	0,00	0,00	0,00	0,00	0,00	0,00	0,00	0,00	0,00	0,00	0,00	0,00	0,00	0,00	0,00	37 861,69
243	Административное здание по ул. Гагарина, д. 3	3 724 103,43	1 011 092,86	0,00	0,00	179,60	1 100 474,55	0,00	1 001 422,16	0,00	211 311,80	0,00	0,00	0,00	0,00	0,00	0,00	0,00	0,00	0,00	0,00	0,00	0,00	0,00	54 000,49
244	Административное здание по ул. Гагарина, д. 5	4 895 501,75	1 311 022,32	0,00	0,00	142,00	1 420 000,02	0,00	1 311 940,16	0,00	240 018,60	0,00	0,00	0,00	0,00	0,00	0,00	0,00	0,00	0,00	0,00	0,00	0,00	0,00	70 982,75
245	Административное здание по ул. Гагарина, д. 7	4 895 501,75	1 311 022,32	0,00	0,00	142,00	1 420 000,02	0,00	1 311 940,16	0,00	240 018,60	0,00	0,00	0,00	0,00	0,00	0,00	0,00	0,00	0,00	0,00	0,00	0,00	0,00	70 982,75
246	Административное здание по ул. Гагарина, д. 9	3 102 214,15	812 066,40	0,00	0,00	98,00	1 052 020,03	0,00	987 004,21	0,00	153 024,20	0,00	0,00	0,00	0,00	0,00	0,00	0,00	0,00	0,00	0,00	0,00	0,00	0,00	44 982,11
